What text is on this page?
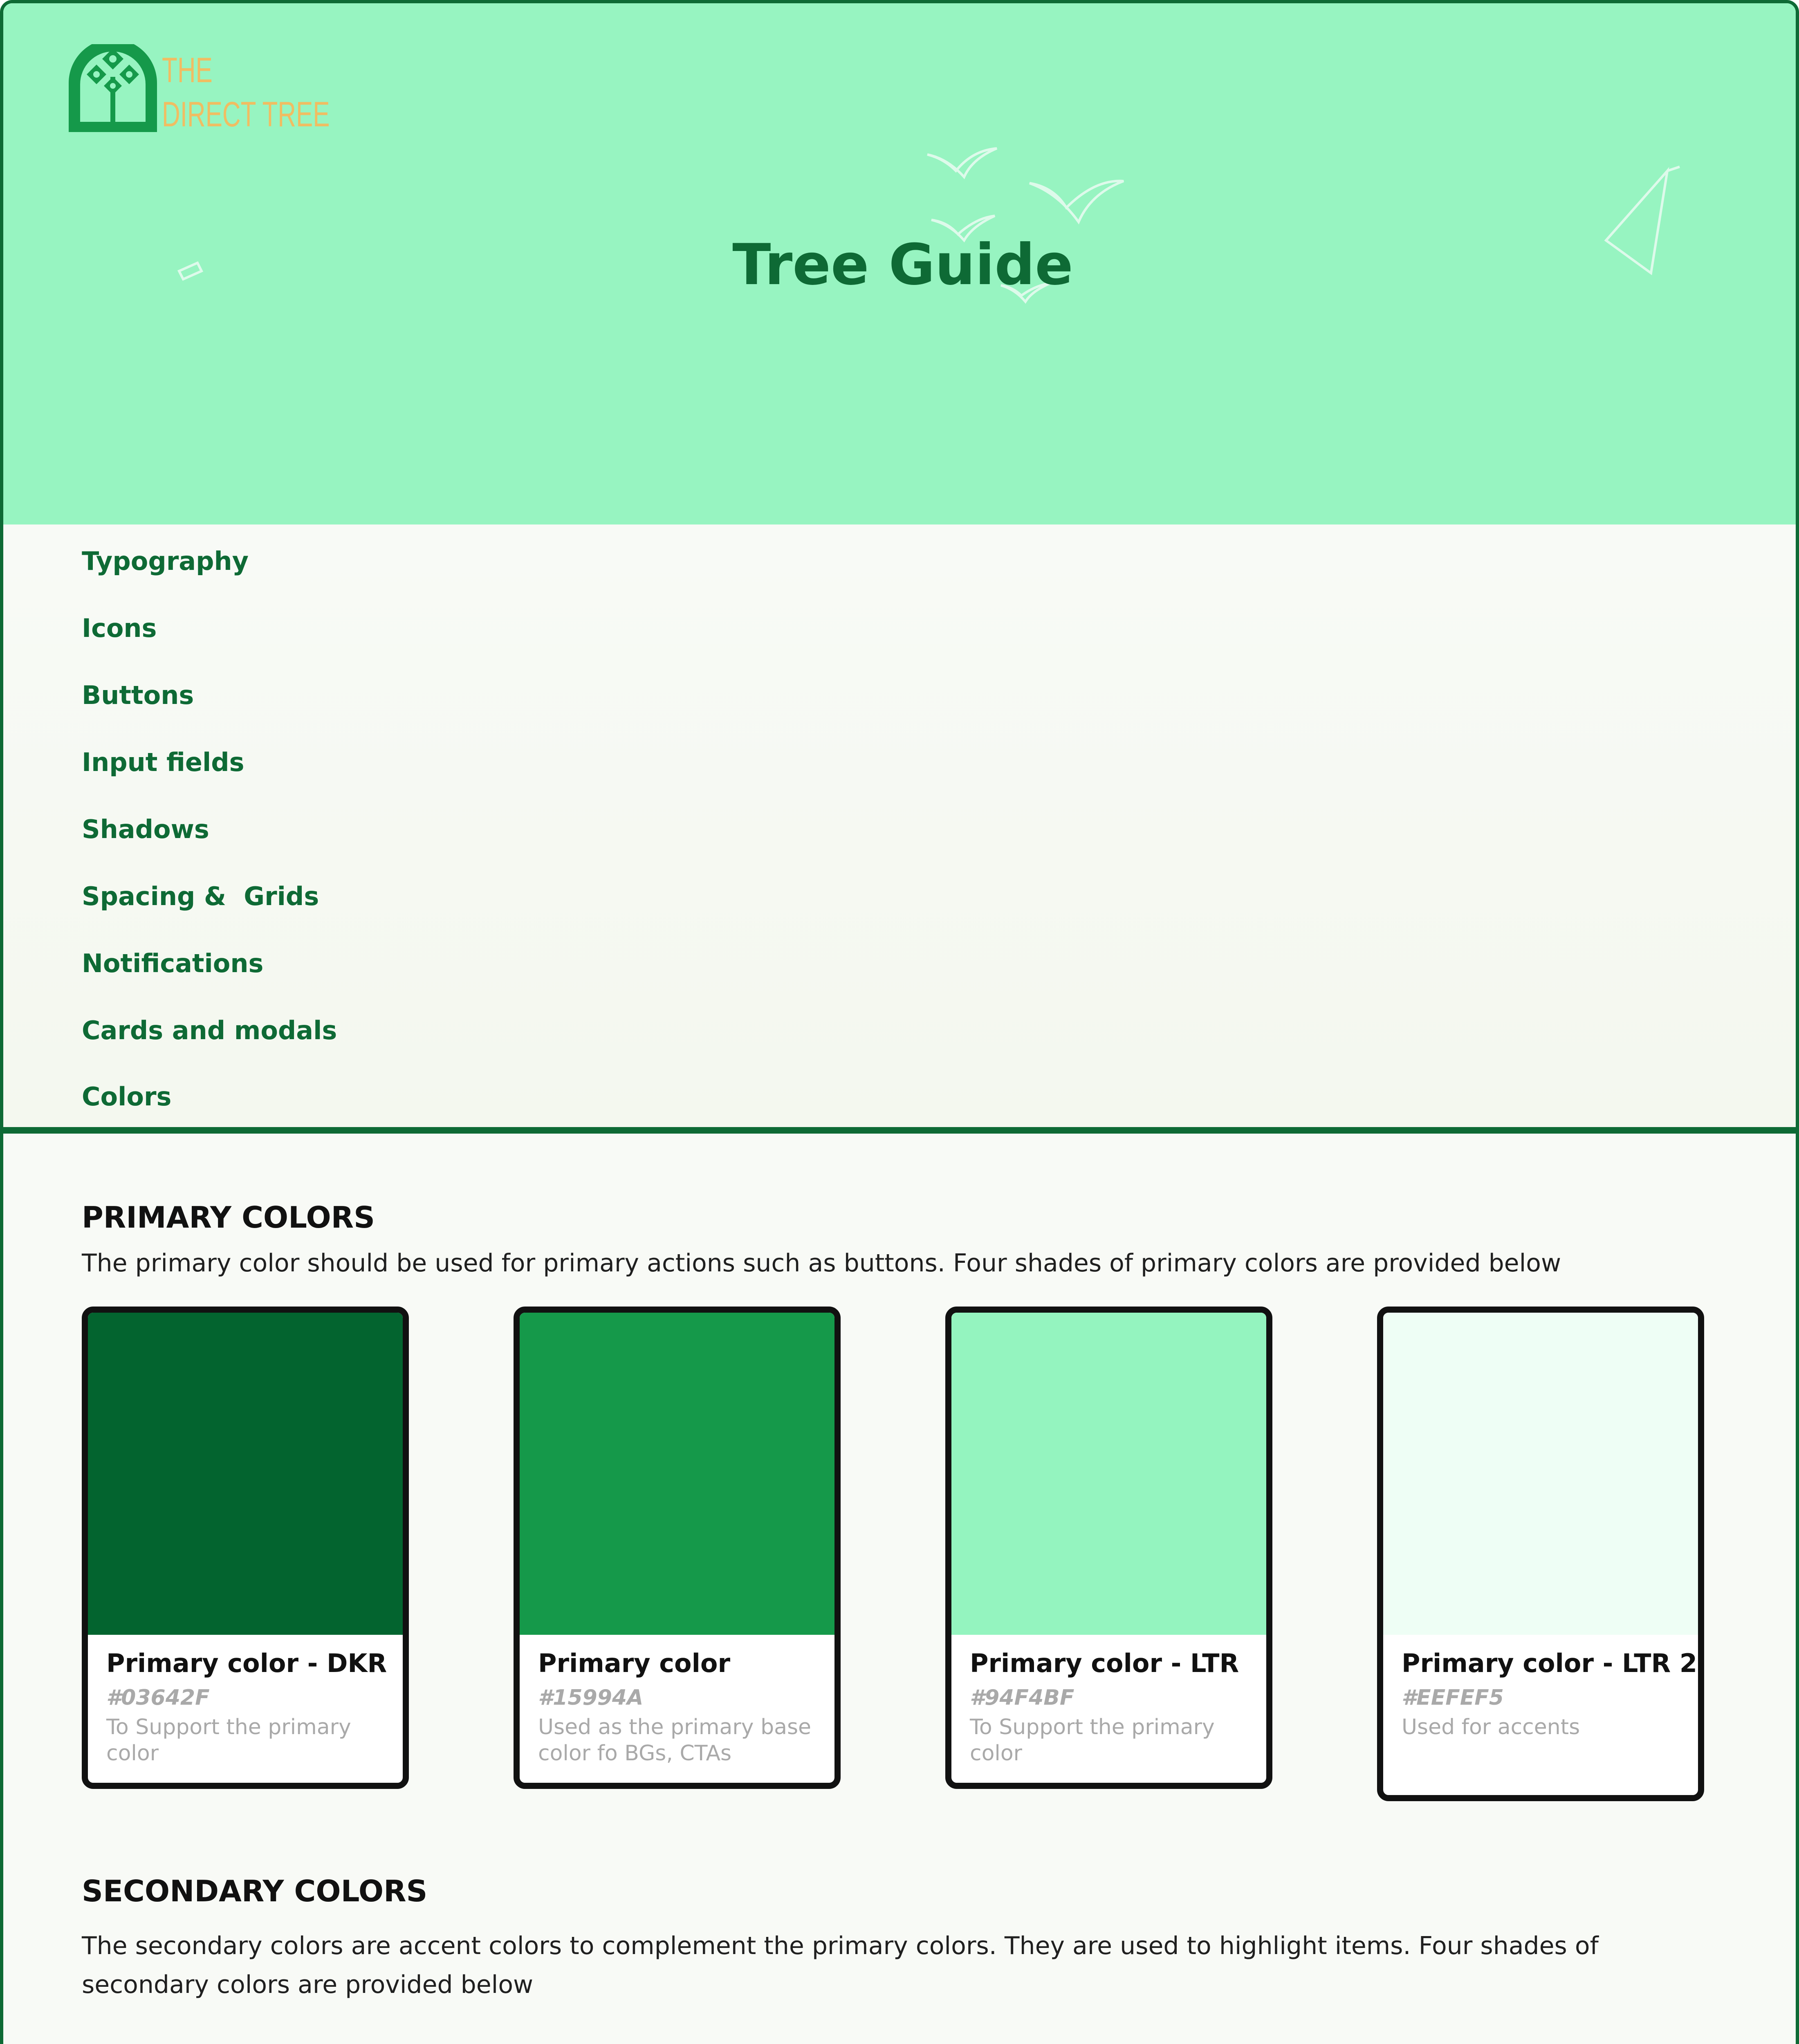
THE
DIRECT TREE
Tree Guide
Typography
Icons
Buttons
Input fields
Shadows
Spacing &  Grids
Notifications
Cards and modals
Colors
PRIMARY COLORS
The primary color should be used for primary actions such as buttons. Four shades of primary colors are provided below
Primary color - DKR
#03642F
To Support the primary color
Primary color
#15994A
Used as the primary base color fo BGs, CTAs
Primary color - LTR
#94F4BF
To Support the primary color
Primary color - LTR 2
#EEFEF5
Used for accents
SECONDARY COLORS
The secondary colors are accent colors to complement the primary colors. They are used to highlight items. Four shades of secondary colors are provided below
